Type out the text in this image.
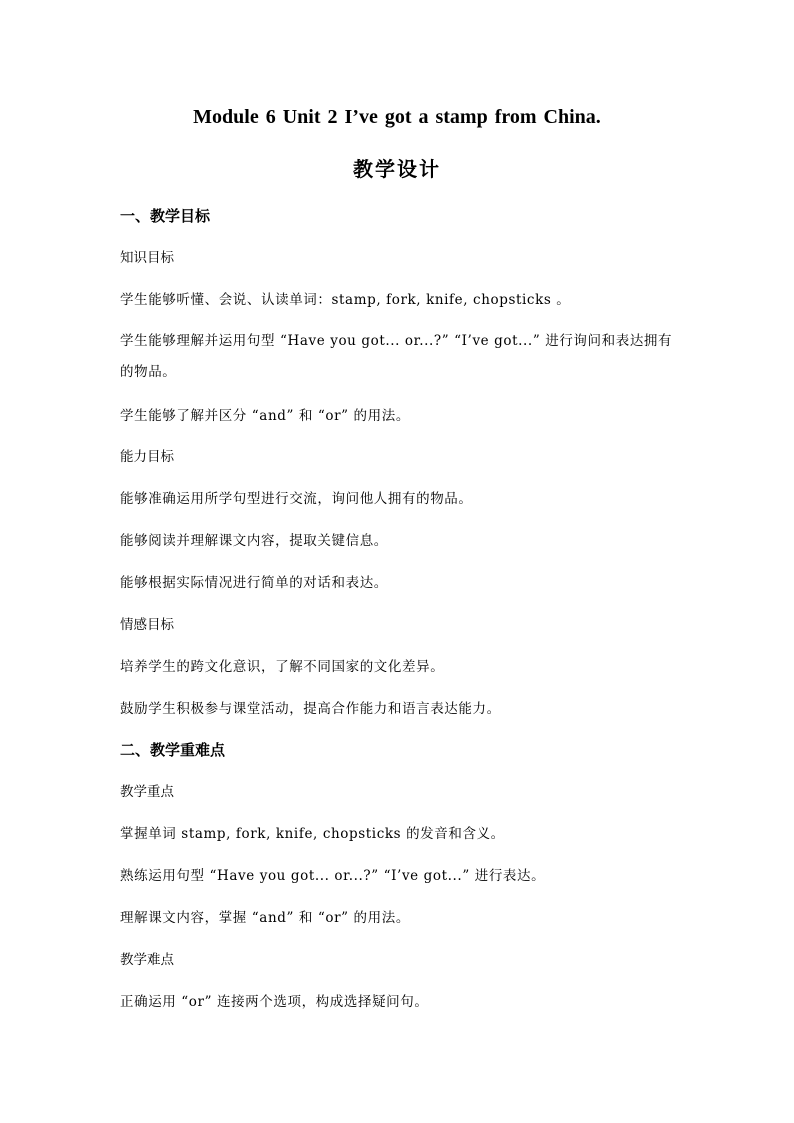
Module 6 Unit 2 I’ve got a stamp from China.
教学设计
一、教学目标
知识目标
学生能够听懂、会说、认读单词：stamp, fork, knife, chopsticks 。
学生能够理解并运用句型 “Have you got... or...?” “I’ve got...” 进行询问和表达拥有的物品。
学生能够了解并区分 “and” 和 “or” 的用法。
能力目标
能够准确运用所学句型进行交流，询问他人拥有的物品。
能够阅读并理解课文内容，提取关键信息。
能够根据实际情况进行简单的对话和表达。
情感目标
培养学生的跨文化意识，了解不同国家的文化差异。
鼓励学生积极参与课堂活动，提高合作能力和语言表达能力。
二、教学重难点
教学重点
掌握单词 stamp, fork, knife, chopsticks 的发音和含义。
熟练运用句型 “Have you got... or...?” “I’ve got...” 进行表达。
理解课文内容，掌握 “and” 和 “or” 的用法。
教学难点
正确运用 “or” 连接两个选项，构成选择疑问句。
